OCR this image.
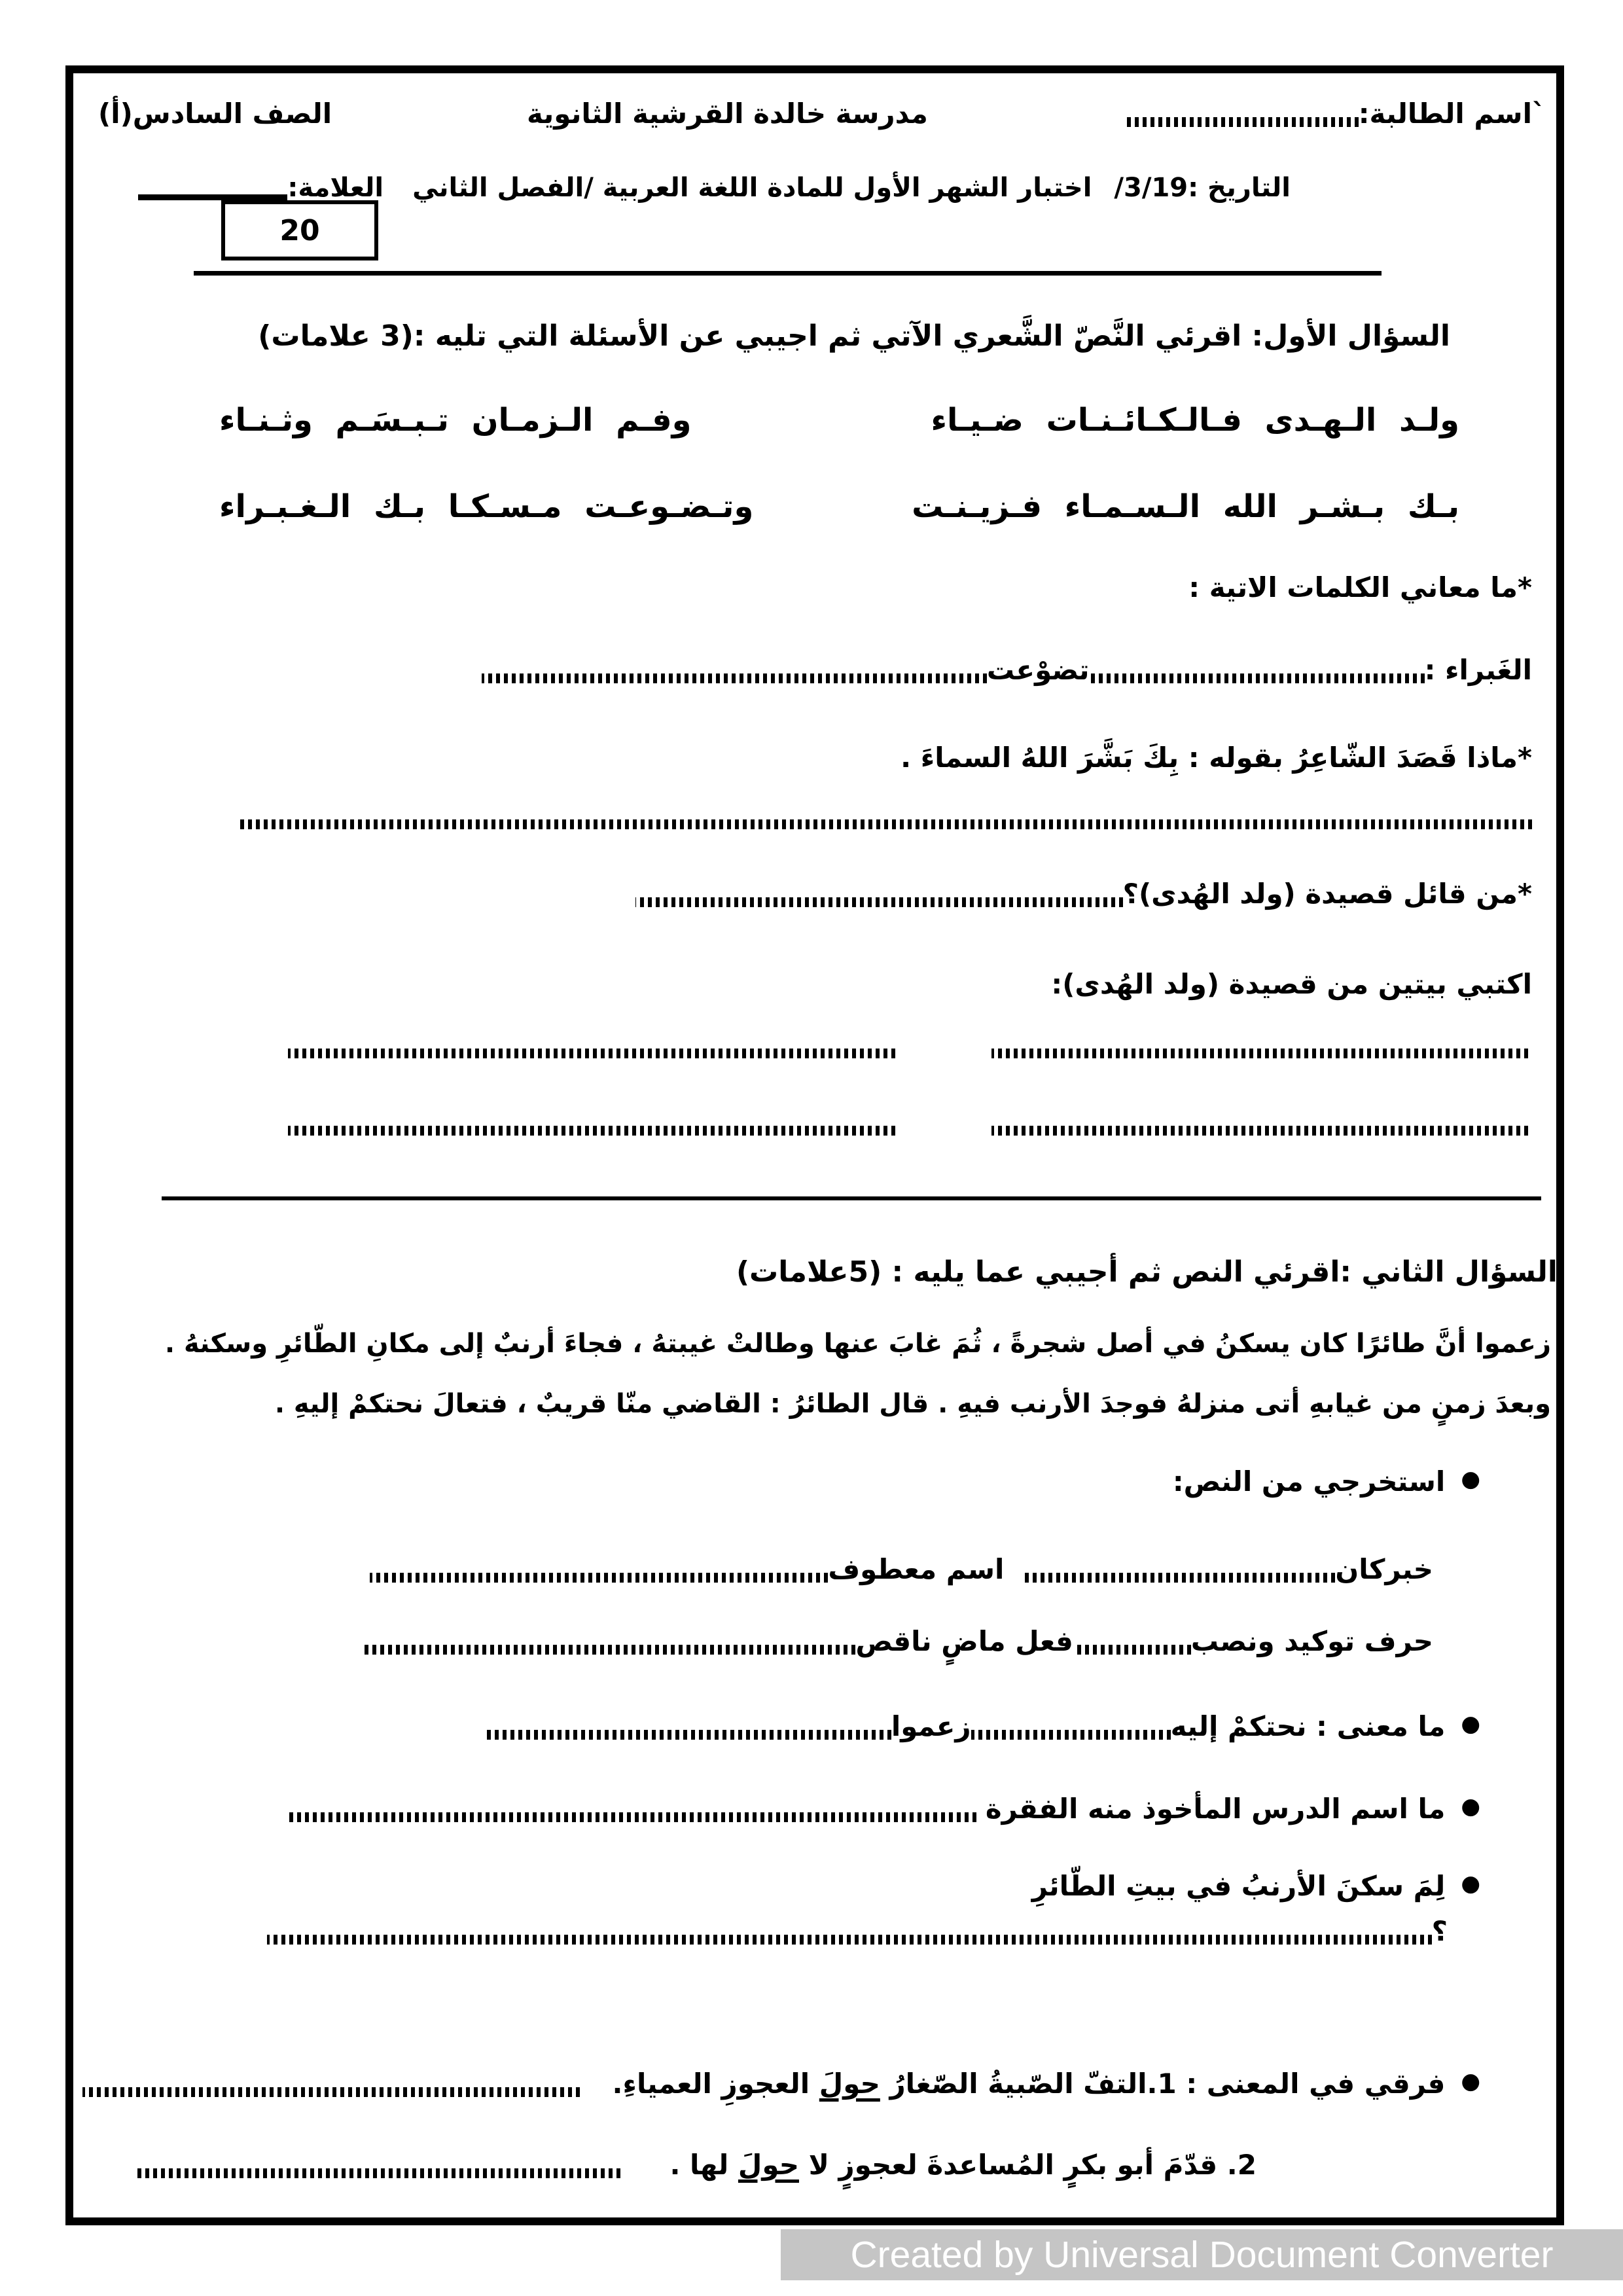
`اسم الطالبة:
مدرسة خالدة القرشية الثانوية
الصف السادس(أ)
التاريخ :3/19/
اختبار الشهر الأول للمادة اللغة العربية /الفصل الثاني
العلامة:
20
السؤال الأول: اقرئي النَّصّ الشَّعري الآتي ثم اجيبي عن الأسئلة التي تليه :(3 علامات)
ولـد الـهـدى فـالـكـائـنـات ضـيـاء
وفـم الـزمـان تـبـسَـم وثـنـاء
بـك بـشـر الله الـسـمـاء فـزيـنـت
وتـضـوعـت مـسـكـا بـك الـغـبـراء
*ما معاني الكلمات الاتية :
الغَبراء :
تضوْعت
*ماذا قَصَدَ الشّاعِرُ بقوله : بِكَ بَشَّرَ اللهُ السماءَ .
*من قائل قصيدة (ولد الهُدى)؟
اكتبي بيتين من قصيدة (ولد الهُدى):
السؤال الثاني :اقرئي النص ثم أجيبي عما يليه : (5علامات)
زعموا أنَّ طائرًا كان يسكنُ في أصل شجرةً ، ثُمَ غابَ عنها وطالتْ غيبتهُ ، فجاءَ أرنبٌ إلى مكانِ الطّائرِ وسكنهُ .
وبعدَ زمنٍ من غيابهِ أتى منزلهُ فوجدَ الأرنب فيهِ . قال الطائرُ : القاضي منّا قريبٌ ، فتعالَ نحتكمْ إليهِ .
●
استخرجي من النص:
خبركان
اسم معطوف
حرف توكيد ونصب
فعل ماضٍ ناقص
●
ما معنى : نحتكمْ إليه
زعموا
●
ما اسم الدرس المأخوذ منه الفقرة
●
لِمَ سكنَ الأرنبُ في بيتِ الطّائرِ
؟
●
فرقي في المعنى : 1.التفّ الصّبيةُ الصّغارُ حولَ العجوزِ العمياءِ.
2. قدّمَ أبو بكرٍ المُساعدةَ لعجوزٍ لا حولَ لها .
Created by Universal Document Converter
